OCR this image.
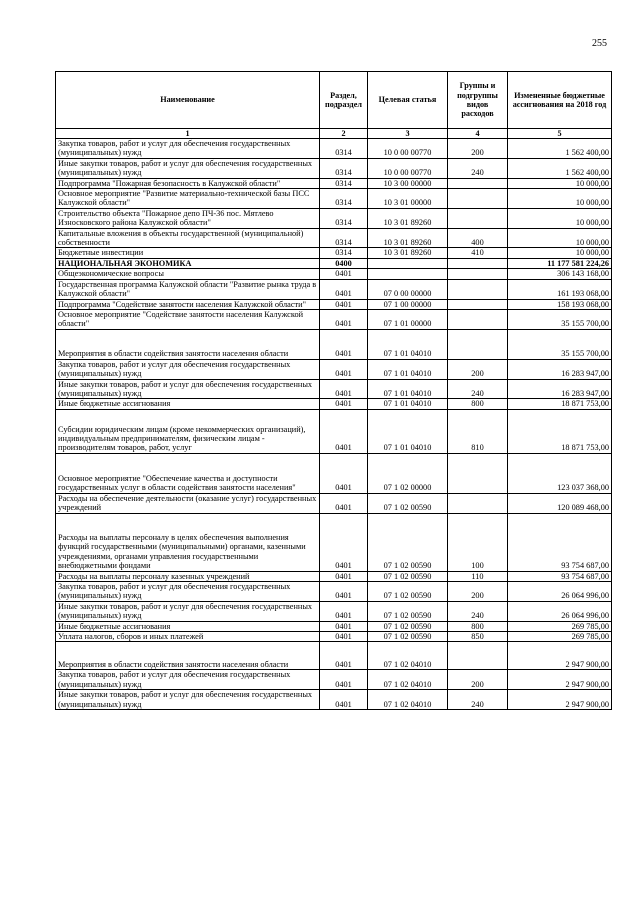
255
Наименование	Раздел, подраздел	Целевая статья	Группы и подгруппы видов расходов	Измененные бюджетные ассигнования на 2018 год
1	2	3	4	5
Закупка товаров, работ и услуг для обеспечения государственных (муниципальных) нужд	0314	10 0 00 00770	200	1 562 400,00
Иные закупки товаров, работ и услуг для обеспечения государственных (муниципальных) нужд	0314	10 0 00 00770	240	1 562 400,00
Подпрограмма "Пожарная безопасность в Калужской области"	0314	10 3 00 00000		10 000,00
Основное мероприятие "Развитие материально-технической базы ПСС Калужской области"	0314	10 3 01 00000		10 000,00
Строительство объекта "Пожарное депо ПЧ-36 пос. Мятлево Износковского района Калужской области"	0314	10 3 01 89260		10 000,00
Капитальные вложения в объекты государственной (муниципальной) собственности	0314	10 3 01 89260	400	10 000,00
Бюджетные инвестиции	0314	10 3 01 89260	410	10 000,00
НАЦИОНАЛЬНАЯ ЭКОНОМИКА	0400			11 177 581 224,26
Общеэкономические вопросы	0401			306 143 168,00
Государственная программа Калужской области "Развитие рынка труда в Калужской области"	0401	07 0 00 00000		161 193 068,00
Подпрограмма "Содействие занятости населения Калужской области"	0401	07 1 00 00000		158 193 068,00
Основное мероприятие "Содействие занятости населения Калужской области"	0401	07 1 01 00000		35 155 700,00
Мероприятия в области содействия занятости населения области	0401	07 1 01 04010		35 155 700,00
Закупка товаров, работ и услуг для обеспечения государственных (муниципальных) нужд	0401	07 1 01 04010	200	16 283 947,00
Иные закупки товаров, работ и услуг для обеспечения государственных (муниципальных) нужд	0401	07 1 01 04010	240	16 283 947,00
Иные бюджетные ассигнования	0401	07 1 01 04010	800	18 871 753,00
Субсидии юридическим лицам (кроме некоммерческих организаций), индивидуальным предпринимателям, физическим лицам - производителям товаров, работ, услуг	0401	07 1 01 04010	810	18 871 753,00
Основное мероприятие "Обеспечение качества и доступности государственных услуг в области содействия занятости населения"	0401	07 1 02 00000		123 037 368,00
Расходы на обеспечение деятельности (оказание услуг) государственных учреждений	0401	07 1 02 00590		120 089 468,00
Расходы на выплаты персоналу в целях обеспечения выполнения функций государственными (муниципальными) органами, казенными учреждениями, органами управления государственными внебюджетными фондами	0401	07 1 02 00590	100	93 754 687,00
Расходы на выплаты персоналу казенных учреждений	0401	07 1 02 00590	110	93 754 687,00
Закупка товаров, работ и услуг для обеспечения государственных (муниципальных) нужд	0401	07 1 02 00590	200	26 064 996,00
Иные закупки товаров, работ и услуг для обеспечения государственных (муниципальных) нужд	0401	07 1 02 00590	240	26 064 996,00
Иные бюджетные ассигнования	0401	07 1 02 00590	800	269 785,00
Уплата налогов, сборов и иных платежей	0401	07 1 02 00590	850	269 785,00
Мероприятия в области содействия занятости населения области	0401	07 1 02 04010		2 947 900,00
Закупка товаров, работ и услуг для обеспечения государственных (муниципальных) нужд	0401	07 1 02 04010	200	2 947 900,00
Иные закупки товаров, работ и услуг для обеспечения государственных (муниципальных) нужд	0401	07 1 02 04010	240	2 947 900,00
